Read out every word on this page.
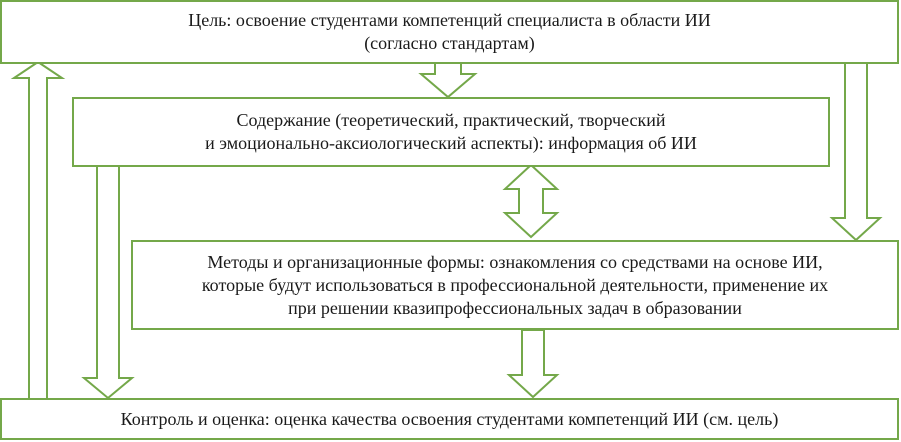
Цель: освоение студентами компетенций специалиста в области ИИ
(согласно стандартам)
Содержание (теоретический, практический, творческий
и эмоционально-аксиологический аспекты): информация об ИИ
Методы и организационные формы: ознакомления со средствами на основе ИИ,
которые будут использоваться в профессиональной деятельности, применение их
при решении квазипрофессиональных задач в образовании
Контроль и оценка: оценка качества освоения студентами компетенций ИИ (см. цель)
